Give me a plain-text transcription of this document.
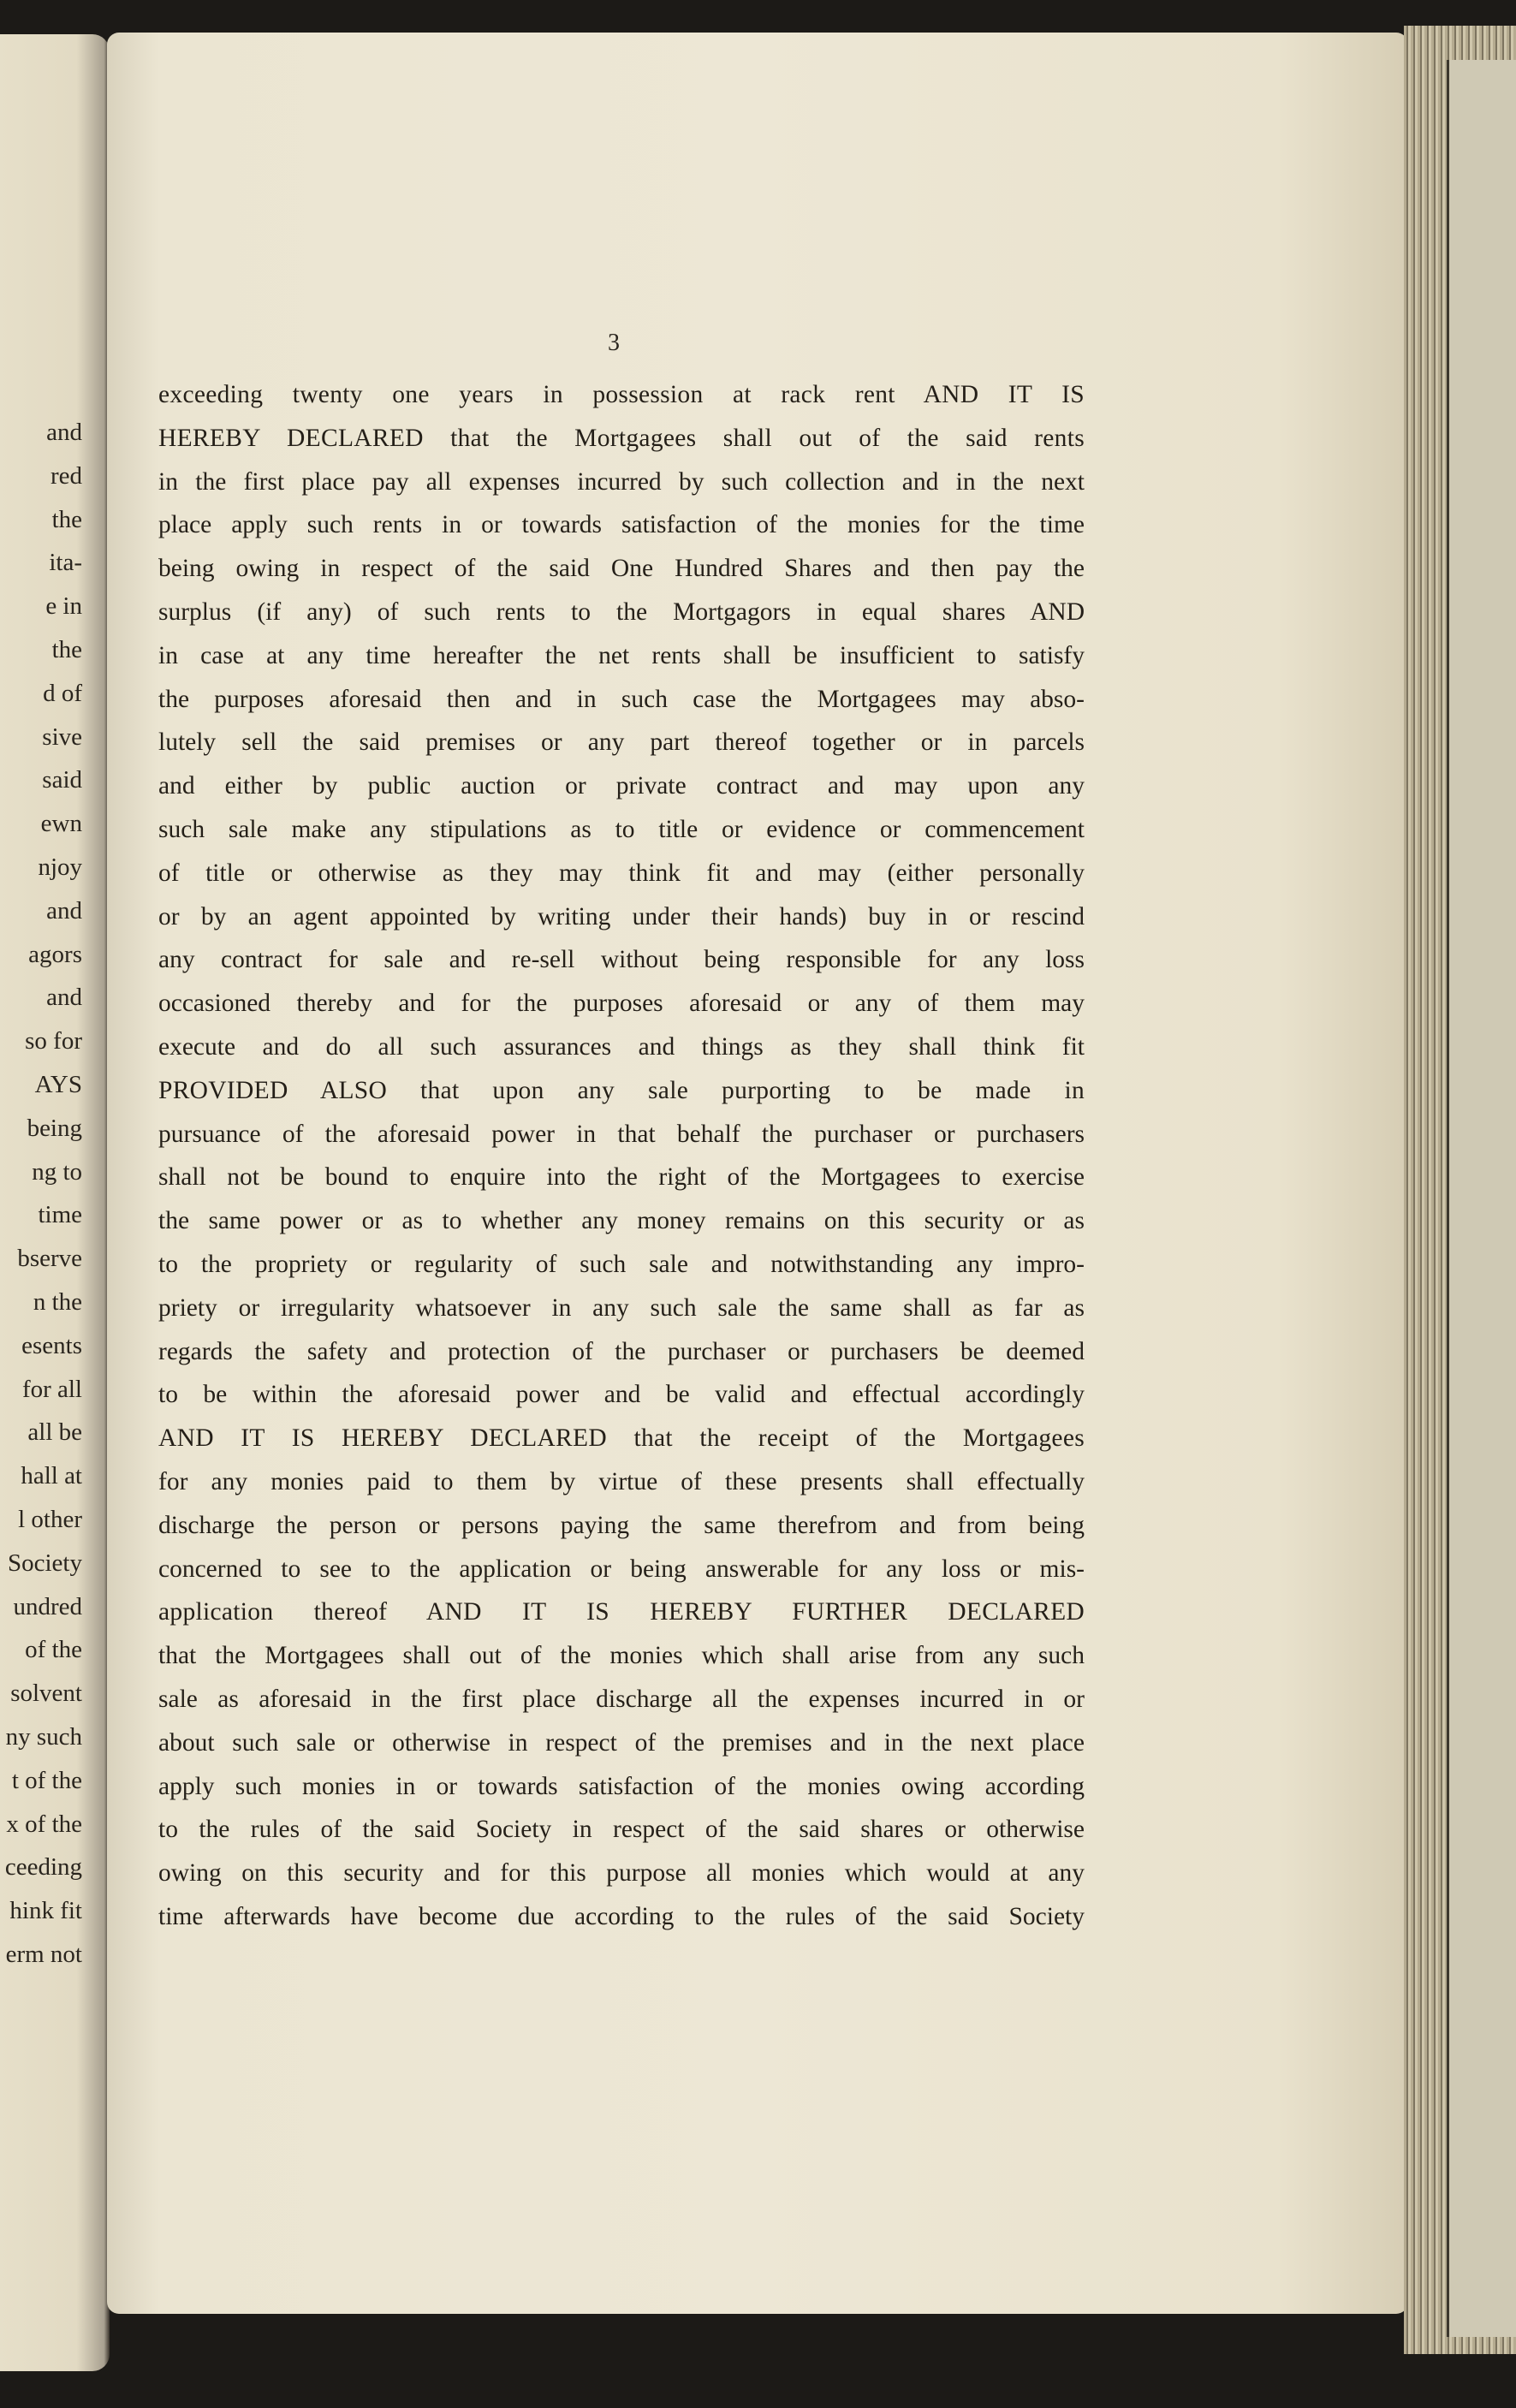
and
red
the
ita-
e in
the
d of
sive
said
ewn
njoy
and
agors
and
so for
AYS
being
ng to
time
bserve
n the
esents
for all
all be
hall at
l other
Society
undred
of the
solvent
ny such
t of the
x of the
ceeding
hink fit
erm not
3
exceeding twenty one years in possession at rack rent AND IT IS
HEREBY DECLARED that the Mortgagees shall out of the said rents
in the first place pay all expenses incurred by such collection and in the next
place apply such rents in or towards satisfaction of the monies for the time
being owing in respect of the said One Hundred Shares and then pay the
surplus (if any) of such rents to the Mortgagors in equal shares AND
in case at any time hereafter the net rents shall be insufficient to satisfy
the purposes aforesaid then and in such case the Mortgagees may abso-
lutely sell the said premises or any part thereof together or in parcels
and either by public auction or private contract and may upon any
such sale make any stipulations as to title or evidence or commencement
of title or otherwise as they may think fit and may (either personally
or by an agent appointed by writing under their hands) buy in or rescind
any contract for sale and re-sell without being responsible for any loss
occasioned thereby and for the purposes aforesaid or any of them may
execute and do all such assurances and things as they shall think fit
PROVIDED ALSO that upon any sale purporting to be made in
pursuance of the aforesaid power in that behalf the purchaser or purchasers
shall not be bound to enquire into the right of the Mortgagees to exercise
the same power or as to whether any money remains on this security or as
to the propriety or regularity of such sale and notwithstanding any impro-
priety or irregularity whatsoever in any such sale the same shall as far as
regards the safety and protection of the purchaser or purchasers be deemed
to be within the aforesaid power and be valid and effectual accordingly
AND IT IS HEREBY DECLARED that the receipt of the Mortgagees
for any monies paid to them by virtue of these presents shall effectually
discharge the person or persons paying the same therefrom and from being
concerned to see to the application or being answerable for any loss or mis-
application thereof AND IT IS HEREBY FURTHER DECLARED
that the Mortgagees shall out of the monies which shall arise from any such
sale as aforesaid in the first place discharge all the expenses incurred in or
about such sale or otherwise in respect of the premises and in the next place
apply such monies in or towards satisfaction of the monies owing according
to the rules of the said Society in respect of the said shares or otherwise
owing on this security and for this purpose all monies which would at any
time afterwards have become due according to the rules of the said Society
